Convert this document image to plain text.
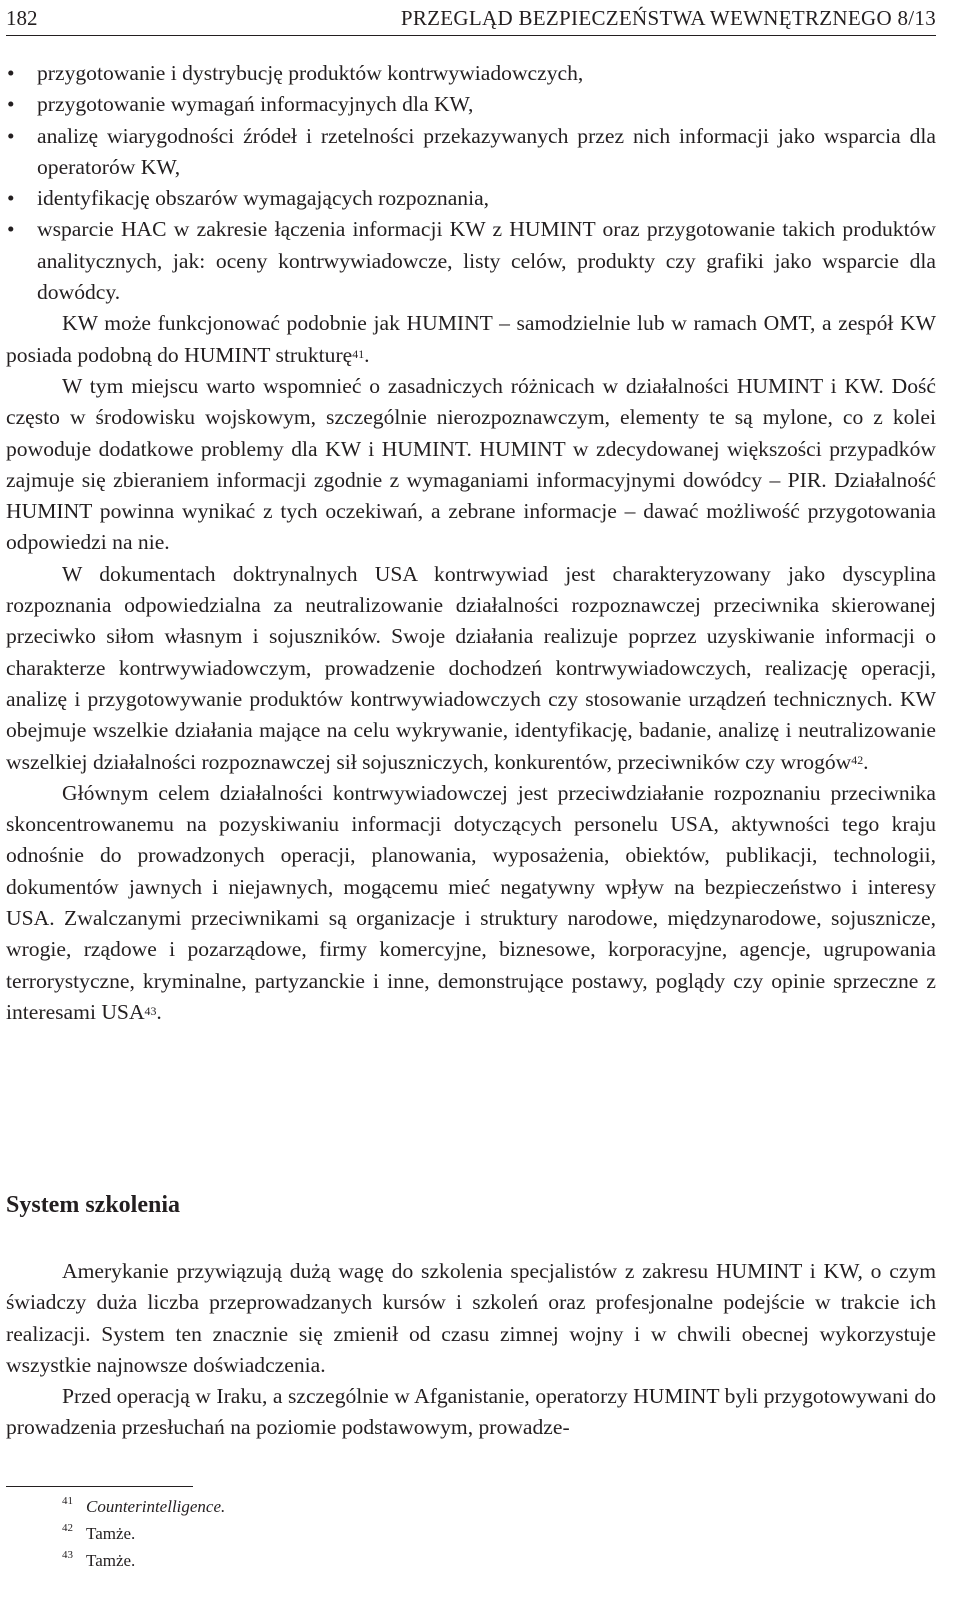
182	PRZEGLĄD BEZPIECZEŃSTWA WEWNĘTRZNEGO 8/13
• przygotowanie i dystrybucję produktów kontrwywiadowczych,
• przygotowanie wymagań informacyjnych dla KW,
• analizę wiarygodności źródeł i rzetelności przekazywanych przez nich informacji jako wsparcia dla operatorów KW,
• identyfikację obszarów wymagających rozpoznania,
• wsparcie HAC w zakresie łączenia informacji KW z HUMINT oraz przygotowanie takich produktów analitycznych, jak: oceny kontrwywiadowcze, listy celów, produkty czy grafiki jako wsparcie dla dowódcy.

KW może funkcjonować podobnie jak HUMINT – samodzielnie lub w ramach OMT, a zespół KW posiada podobną do HUMINT strukturę$^{41}$.

W tym miejscu warto wspomnieć o zasadniczych różnicach w działalności HUMINT i KW. Dość często w środowisku wojskowym, szczególnie nierozpoznawczym, elementy te są mylone, co z kolei powoduje dodatkowe problemy dla KW i HUMINT. HUMINT w zdecydowanej większości przypadków zajmuje się zbieraniem informacji zgodnie z wymaganiami informacyjnymi dowódcy – PIR. Działalność HUMINT powinna wynikać z tych oczekiwań, a zebrane informacje – dawać możliwość przygotowania odpowiedzi na nie.

W dokumentach doktrynalnych USA kontrwywiad jest charakteryzowany jako dyscyplina rozpoznania odpowiedzialna za neutralizowanie działalności rozpoznawczej przeciwnika skierowanej przeciwko siłom własnym i sojuszników. Swoje działania realizuje poprzez uzyskiwanie informacji o charakterze kontrwywiadowczym, prowadzenie dochodzeń kontrwywiadowczych, realizację operacji, analizę i przygotowywanie produktów kontrwywiadowczych czy stosowanie urządzeń technicznych. KW obejmuje wszelkie działania mające na celu wykrywanie, identyfikację, badanie, analizę i neutralizowanie wszelkiej działalności rozpoznawczej sił sojuszniczych, konkurentów, przeciwników czy wrogów$^{42}$.

Głównym celem działalności kontrwywiadowczej jest przeciwdziałanie rozpoznaniu przeciwnika skoncentrowanemu na pozyskiwaniu informacji dotyczących personelu USA, aktywności tego kraju odnośnie do prowadzonych operacji, planowania, wyposażenia, obiektów, publikacji, technologii, dokumentów jawnych i niejawnych, mogącemu mieć negatywny wpływ na bezpieczeństwo i interesy USA. Zwalczanymi przeciwnikami są organizacje i struktury narodowe, międzynarodowe, sojusznicze, wrogie, rządowe i pozarządowe, firmy komercyjne, biznesowe, korporacyjne, agencje, ugrupowania terrorystyczne, kryminalne, partyzanckie i inne, demonstrujące postawy, poglądy czy opinie sprzeczne z interesami USA$^{43}$.

System szkolenia

Amerykanie przywiązują dużą wagę do szkolenia specjalistów z zakresu HUMINT i KW, o czym świadczy duża liczba przeprowadzanych kursów i szkoleń oraz profesjonalne podejście w trakcie ich realizacji. System ten znacznie się zmienił od czasu zimnej wojny i w chwili obecnej wykorzystuje wszystkie najnowsze doświadczenia.

Przed operacją w Iraku, a szczególnie w Afganistanie, operatorzy HUMINT byli przygotowywani do prowadzenia przesłuchań na poziomie podstawowym, prowadze-

41 Counterintelligence.
42 Tamże.
43 Tamże.
